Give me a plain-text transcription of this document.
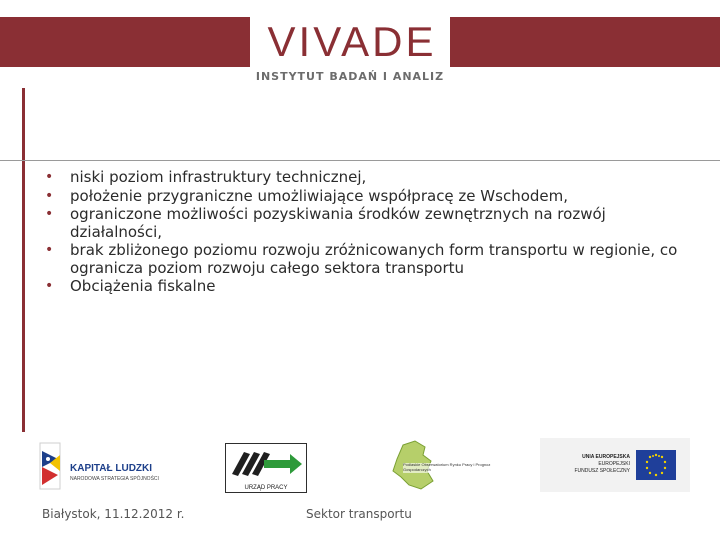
VIVADE
INSTYTUT BADAŃ I ANALIZ
• niski poziom infrastruktury technicznej,
• położenie przygraniczne umożliwiające współpracę ze Wschodem,
• ograniczone możliwości pozyskiwania środków zewnętrznych na rozwój działalności,
• brak zbliżonego poziomu rozwoju zróżnicowanych form transportu w regionie, co ogranicza poziom rozwoju całego sektora transportu
• Obciążenia fiskalne
KAPITAŁ LUDZKI
NARODOWA STRATEGIA SPÓJNOŚCI
URZĄD PRACY
Podlaskie Obserwatorium Rynku Pracy i Prognoz Gospodarczych
UNIA EUROPEJSKA
EUROPEJSKI
FUNDUSZ SPOŁECZNY
Białystok, 11.12.2012 r.	Sektor transportu
